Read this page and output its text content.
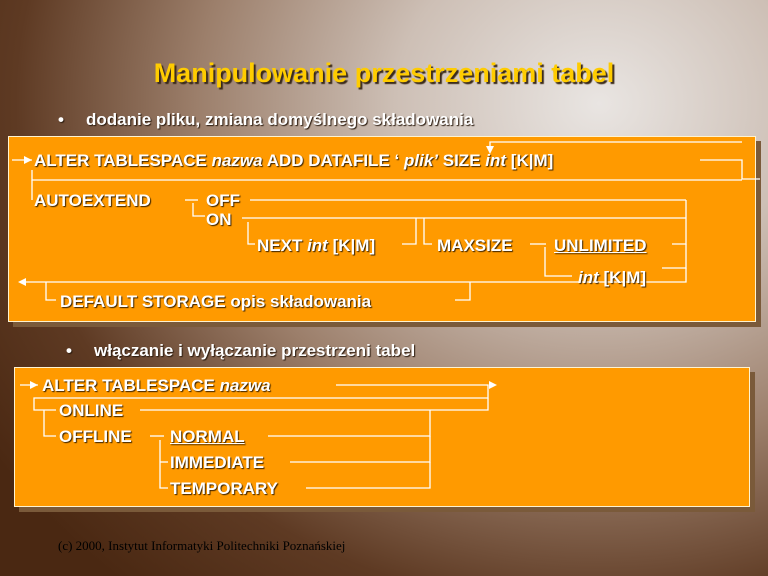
Manipulowanie przestrzeniami tabel
• dodanie pliku, zmiana domyślnego składowania
ALTER TABLESPACE nazwa ADD DATAFILE ‘ plik’ SIZE int [K|M]
AUTOEXTEND	OFF
ON
NEXT int [K|M]	MAXSIZE UNLIMITED
int [K|M]
DEFAULT STORAGE opis składowania
• włączanie i wyłączanie przestrzeni tabel
ALTER TABLESPACE nazwa
ONLINE
OFFLINE NORMAL
IMMEDIATE
TEMPORARY
(c) 2000, Instytut Informatyki Politechniki Poznańskiej
